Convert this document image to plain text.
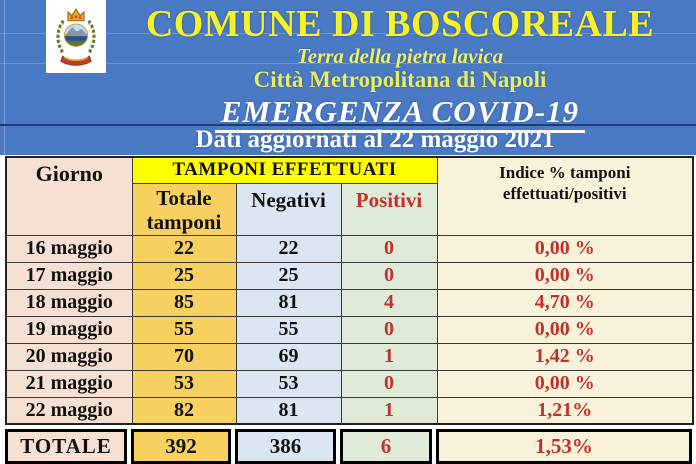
COMUNE DI BOSCOREALE
Terra della pietra lavica
Città Metropolitana di Napoli
EMERGENZA COVID-19
Dati aggiornati al 22 maggio 2021
Giorno	TAMPONI EFFETTUATI			Indice % tamponi
effettuati/positivi
	Totale
tamponi	Negativi	Positivi	
16 maggio	22	22	0	0,00 %
17 maggio	25	25	0	0,00 %
18 maggio	85	81	4	4,70 %
19 maggio	55	55	0	0,00 %
20 maggio	70	69	1	1,42 %
21 maggio	53	53	0	0,00 %
22 maggio	82	81	1	1,21%
TOTALE	392	386	6	1,53%
